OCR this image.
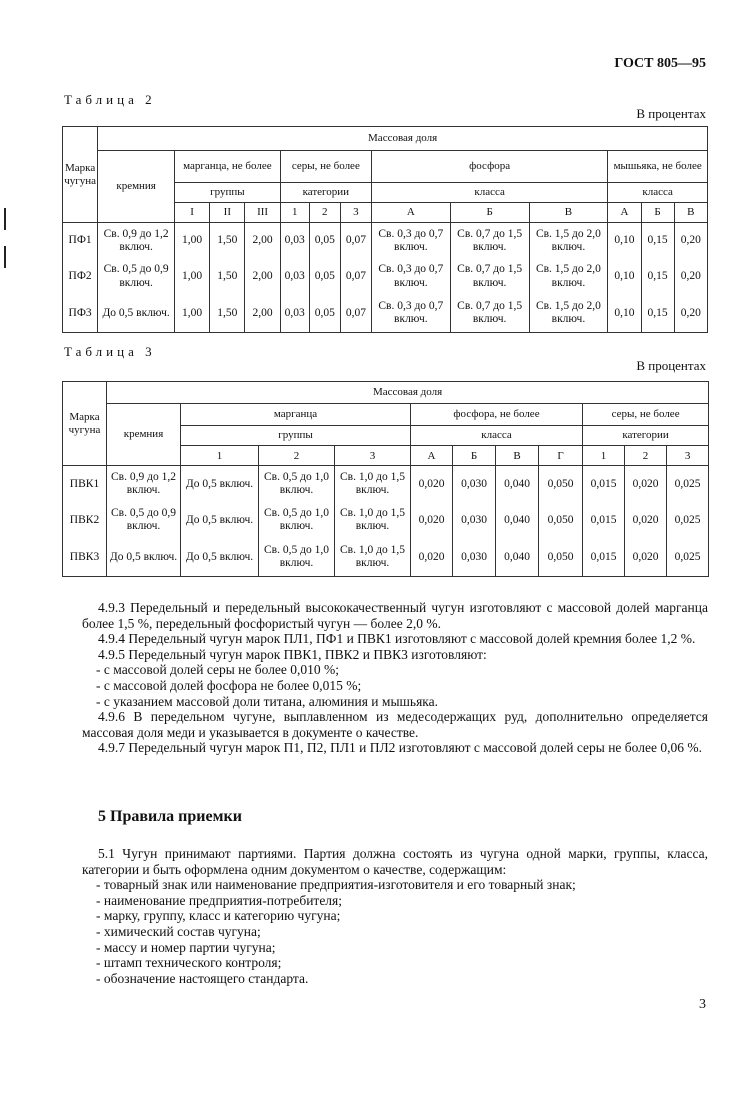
ГОСТ 805—95
Таблица 2
В процентах
Марка чугуна	Массовая доля												
	кремния	марганца, не более			серы, не более			фосфора			мышьяка, не более		
		группы			категории			класса			класса		
		I	II	III	1	2	3	А	Б	В	А	Б	В
ПФ1	Св. 0,9 до 1,2 включ.	1,00	1,50	2,00	0,03	0,05	0,07	Св. 0,3 до 0,7 включ.	Св. 0,7 до 1,5 включ.	Св. 1,5 до 2,0 включ.	0,10	0,15	0,20
ПФ2	Св. 0,5 до 0,9 включ.	1,00	1,50	2,00	0,03	0,05	0,07	Св. 0,3 до 0,7 включ.	Св. 0,7 до 1,5 включ.	Св. 1,5 до 2,0 включ.	0,10	0,15	0,20
ПФ3	До 0,5 включ.	1,00	1,50	2,00	0,03	0,05	0,07	Св. 0,3 до 0,7 включ.	Св. 0,7 до 1,5 включ.	Св. 1,5 до 2,0 включ.	0,10	0,15	0,20
Таблица 3
В процентах
Марка чугуна	Массовая доля										
	кремния	марганца			фосфора, не более				серы, не более		
		группы			класса				категории		
		1	2	3	А	Б	В	Г	1	2	3
ПВК1	Св. 0,9 до 1,2 включ.	До 0,5 включ.	Св. 0,5 до 1,0 включ.	Св. 1,0 до 1,5 включ.	0,020	0,030	0,040	0,050	0,015	0,020	0,025
ПВК2	Св. 0,5 до 0,9 включ.	До 0,5 включ.	Св. 0,5 до 1,0 включ.	Св. 1,0 до 1,5 включ.	0,020	0,030	0,040	0,050	0,015	0,020	0,025
ПВК3	До 0,5 включ.	До 0,5 включ.	Св. 0,5 до 1,0 включ.	Св. 1,0 до 1,5 включ.	0,020	0,030	0,040	0,050	0,015	0,020	0,025

4.9.3 Передельный и передельный высококачественный чугун изготовляют с массовой долей марганца более 1,5 %, передельный фосфористый чугун — более 2,0 %.

4.9.4 Передельный чугун марок ПЛ1, ПФ1 и ПВК1 изготовляют с массовой долей кремния более 1,2 %.

4.9.5 Передельный чугун марок ПВК1, ПВК2 и ПВК3 изготовляют:

- с массовой долей серы не более 0,010 %;

- с массовой долей фосфора не более 0,015 %;

- с указанием массовой доли титана, алюминия и мышьяка.

4.9.6 В передельном чугуне, выплавленном из медесодержащих руд, дополнительно определяется массовая доля меди и указывается в документе о качестве.

4.9.7 Передельный чугун марок П1, П2, ПЛ1 и ПЛ2 изготовляют с массовой долей серы не более 0,06 %.

5 Правила приемки

5.1 Чугун принимают партиями. Партия должна состоять из чугуна одной марки, группы, класса, категории и быть оформлена одним документом о качестве, содержащим:

- товарный знак или наименование предприятия-изготовителя и его товарный знак;

- наименование предприятия-потребителя;

- марку, группу, класс и категорию чугуна;

- химический состав чугуна;

- массу и номер партии чугуна;

- штамп технического контроля;

- обозначение настоящего стандарта.

3
